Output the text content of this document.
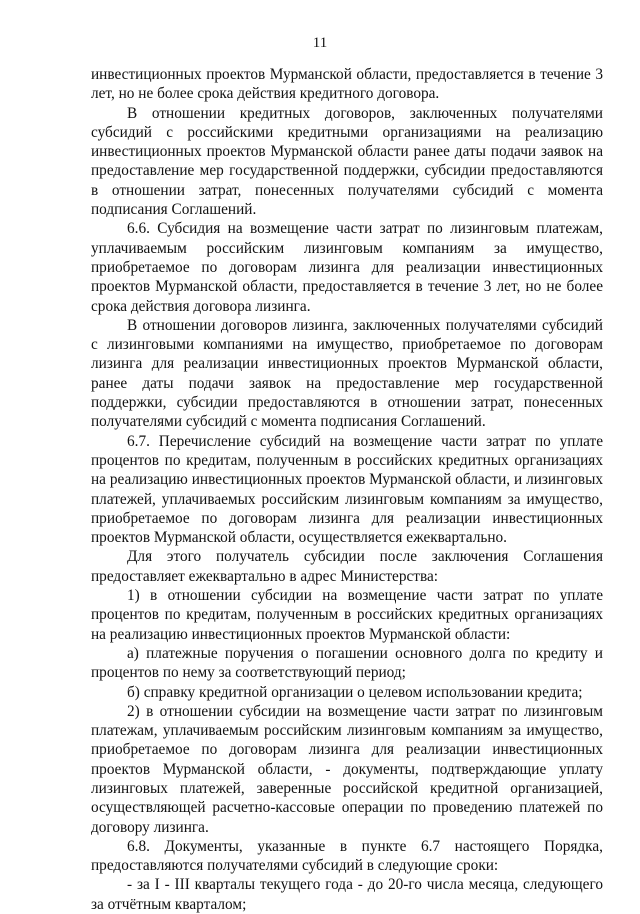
11

инвестиционных проектов Мурманской области, предоставляется в течение 3 лет, но не более срока действия кредитного договора.

В отношении кредитных договоров, заключенных получателями субсидий с российскими кредитными организациями на реализацию инвестиционных проектов Мурманской области ранее даты подачи заявок на предоставление мер государственной поддержки, субсидии предоставляются в отношении затрат, понесенных получателями субсидий с момента подписания Соглашений.

6.6. Субсидия на возмещение части затрат по лизинговым платежам, уплачиваемым российским лизинговым компаниям за имущество, приобретаемое по договорам лизинга для реализации инвестиционных проектов Мурманской области, предоставляется в течение 3 лет, но не более срока действия договора лизинга.

В отношении договоров лизинга, заключенных получателями субсидий с лизинговыми компаниями на имущество, приобретаемое по договорам лизинга для реализации инвестиционных проектов Мурманской области, ранее даты подачи заявок на предоставление мер государственной поддержки, субсидии предоставляются в отношении затрат, понесенных получателями субсидий с момента подписания Соглашений.

6.7. Перечисление субсидий на возмещение части затрат по уплате процентов по кредитам, полученным в российских кредитных организациях на реализацию инвестиционных проектов Мурманской области, и лизинговых платежей, уплачиваемых российским лизинговым компаниям за имущество, приобретаемое по договорам лизинга для реализации инвестиционных проектов Мурманской области, осуществляется ежеквартально.

Для этого получатель субсидии после заключения Соглашения предоставляет ежеквартально в адрес Министерства:

1) в отношении субсидии на возмещение части затрат по уплате процентов по кредитам, полученным в российских кредитных организациях на реализацию инвестиционных проектов Мурманской области:

а) платежные поручения о погашении основного долга по кредиту и процентов по нему за соответствующий период;

б) справку кредитной организации о целевом использовании кредита;

2) в отношении субсидии на возмещение части затрат по лизинговым платежам, уплачиваемым российским лизинговым компаниям за имущество, приобретаемое по договорам лизинга для реализации инвестиционных проектов Мурманской области, - документы, подтверждающие уплату лизинговых платежей, заверенные российской кредитной организацией, осуществляющей расчетно-кассовые операции по проведению платежей по договору лизинга.

6.8. Документы, указанные в пункте 6.7 настоящего Порядка, предоставляются получателями субсидий в следующие сроки:

- за I - III кварталы текущего года - до 20-го числа месяца, следующего за отчётным кварталом;
